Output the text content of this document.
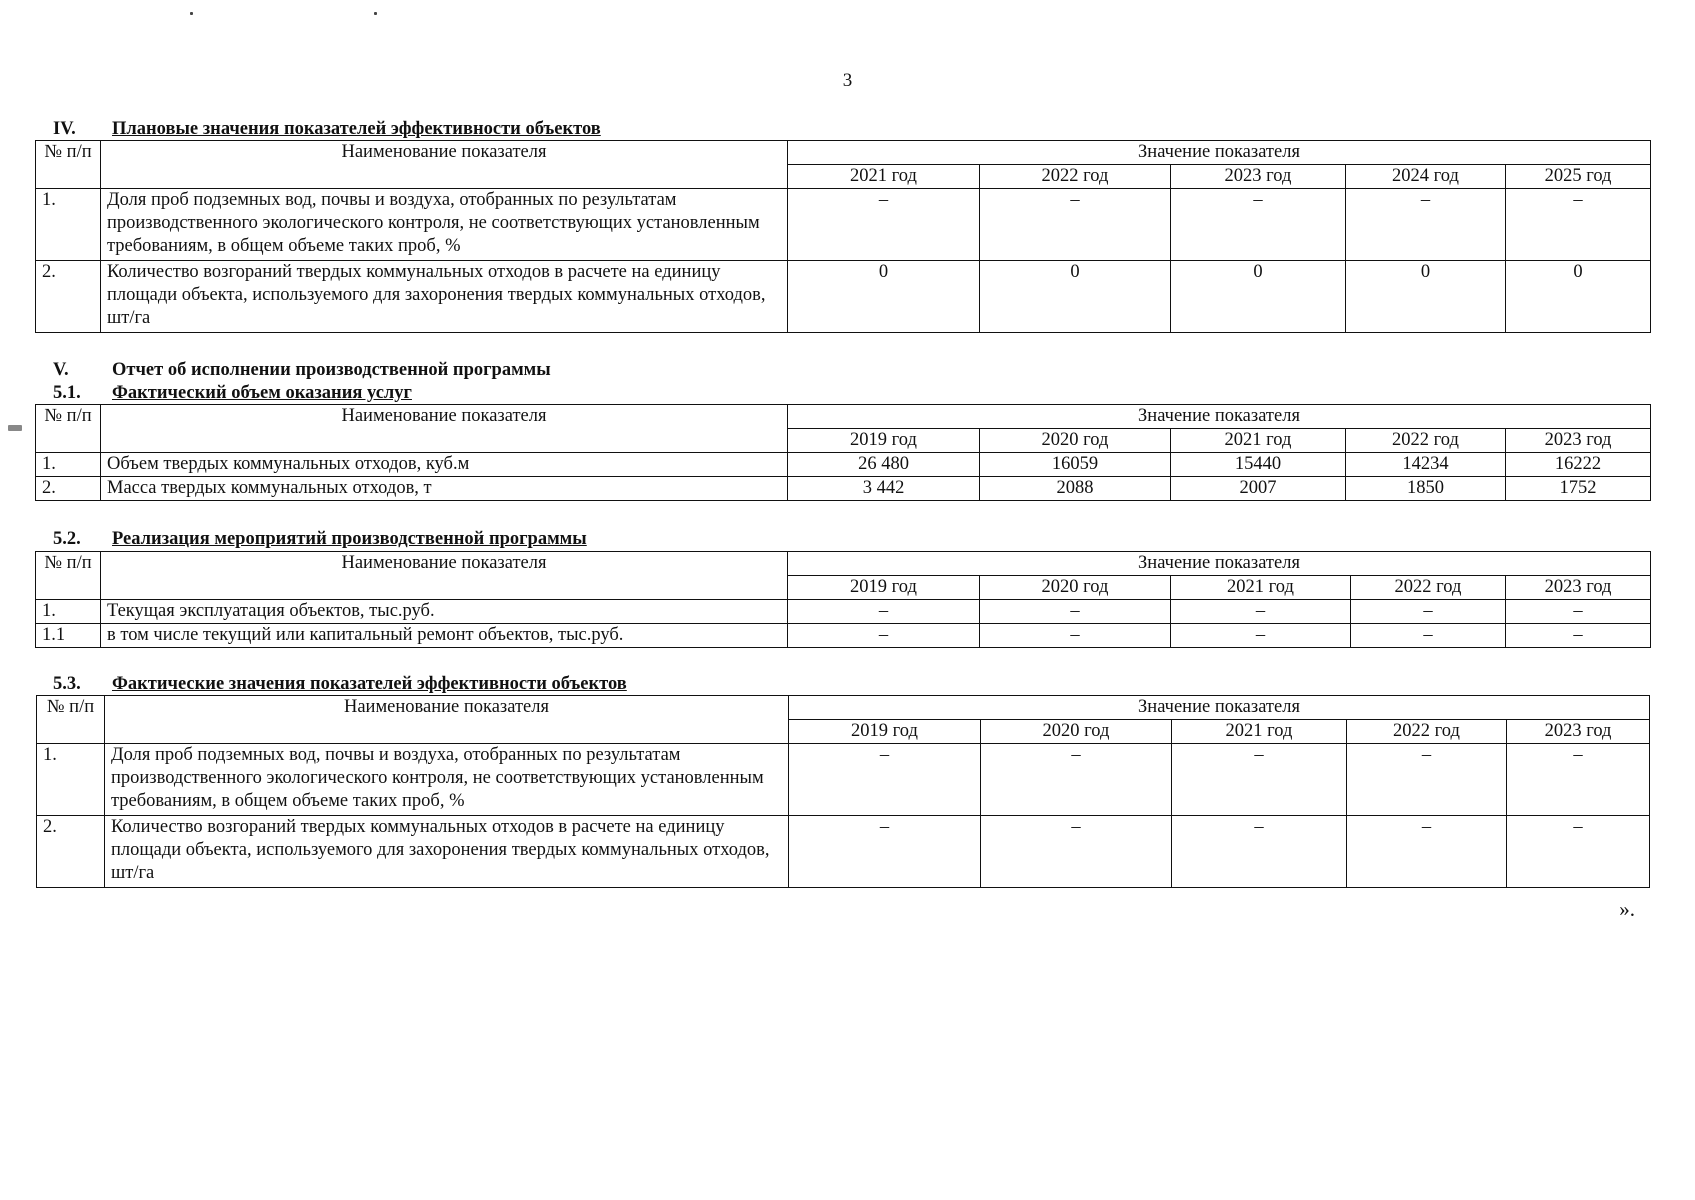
3
IV. Плановые значения показателей эффективности объектов
№ п/п	Наименование показателя	Значение показателя				
		2021 год	2022 год	2023 год	2024 год	2025 год
1.	Доля проб подземных вод, почвы и воздуха, отобранных по результатам производственного экологического контроля, не соответствующих установленным требованиям, в общем объеме таких проб, %	–	–	–	–	–
2.	Количество возгораний твердых коммунальных отходов в расчете на единицу площади объекта, используемого для захоронения твердых коммунальных отходов, шт/га	0	0	0	0	0
V. Отчет об исполнении производственной программы
5.1. Фактический объем оказания услуг
№ п/п	Наименование показателя	Значение показателя				
		2019 год	2020 год	2021 год	2022 год	2023 год
1.	Объем твердых коммунальных отходов, куб.м	26 480	16059	15440	14234	16222
2.	Масса твердых коммунальных отходов, т	3 442	2088	2007	1850	1752
5.2. Реализация мероприятий производственной программы
№ п/п	Наименование показателя	Значение показателя				
		2019 год	2020 год	2021 год	2022 год	2023 год
1.	Текущая эксплуатация объектов, тыс.руб.	–	–	–	–	–
1.1	в том числе текущий или капитальный ремонт объектов, тыс.руб.	–	–	–	–	–
5.3. Фактические значения показателей эффективности объектов
№ п/п	Наименование показателя	Значение показателя				
		2019 год	2020 год	2021 год	2022 год	2023 год
1.	Доля проб подземных вод, почвы и воздуха, отобранных по результатам производственного экологического контроля, не соответствующих установленным требованиям, в общем объеме таких проб, %	–	–	–	–	–
2.	Количество возгораний твердых коммунальных отходов в расчете на единицу площади объекта, используемого для захоронения твердых коммунальных отходов, шт/га	–	–	–	–	–
».
